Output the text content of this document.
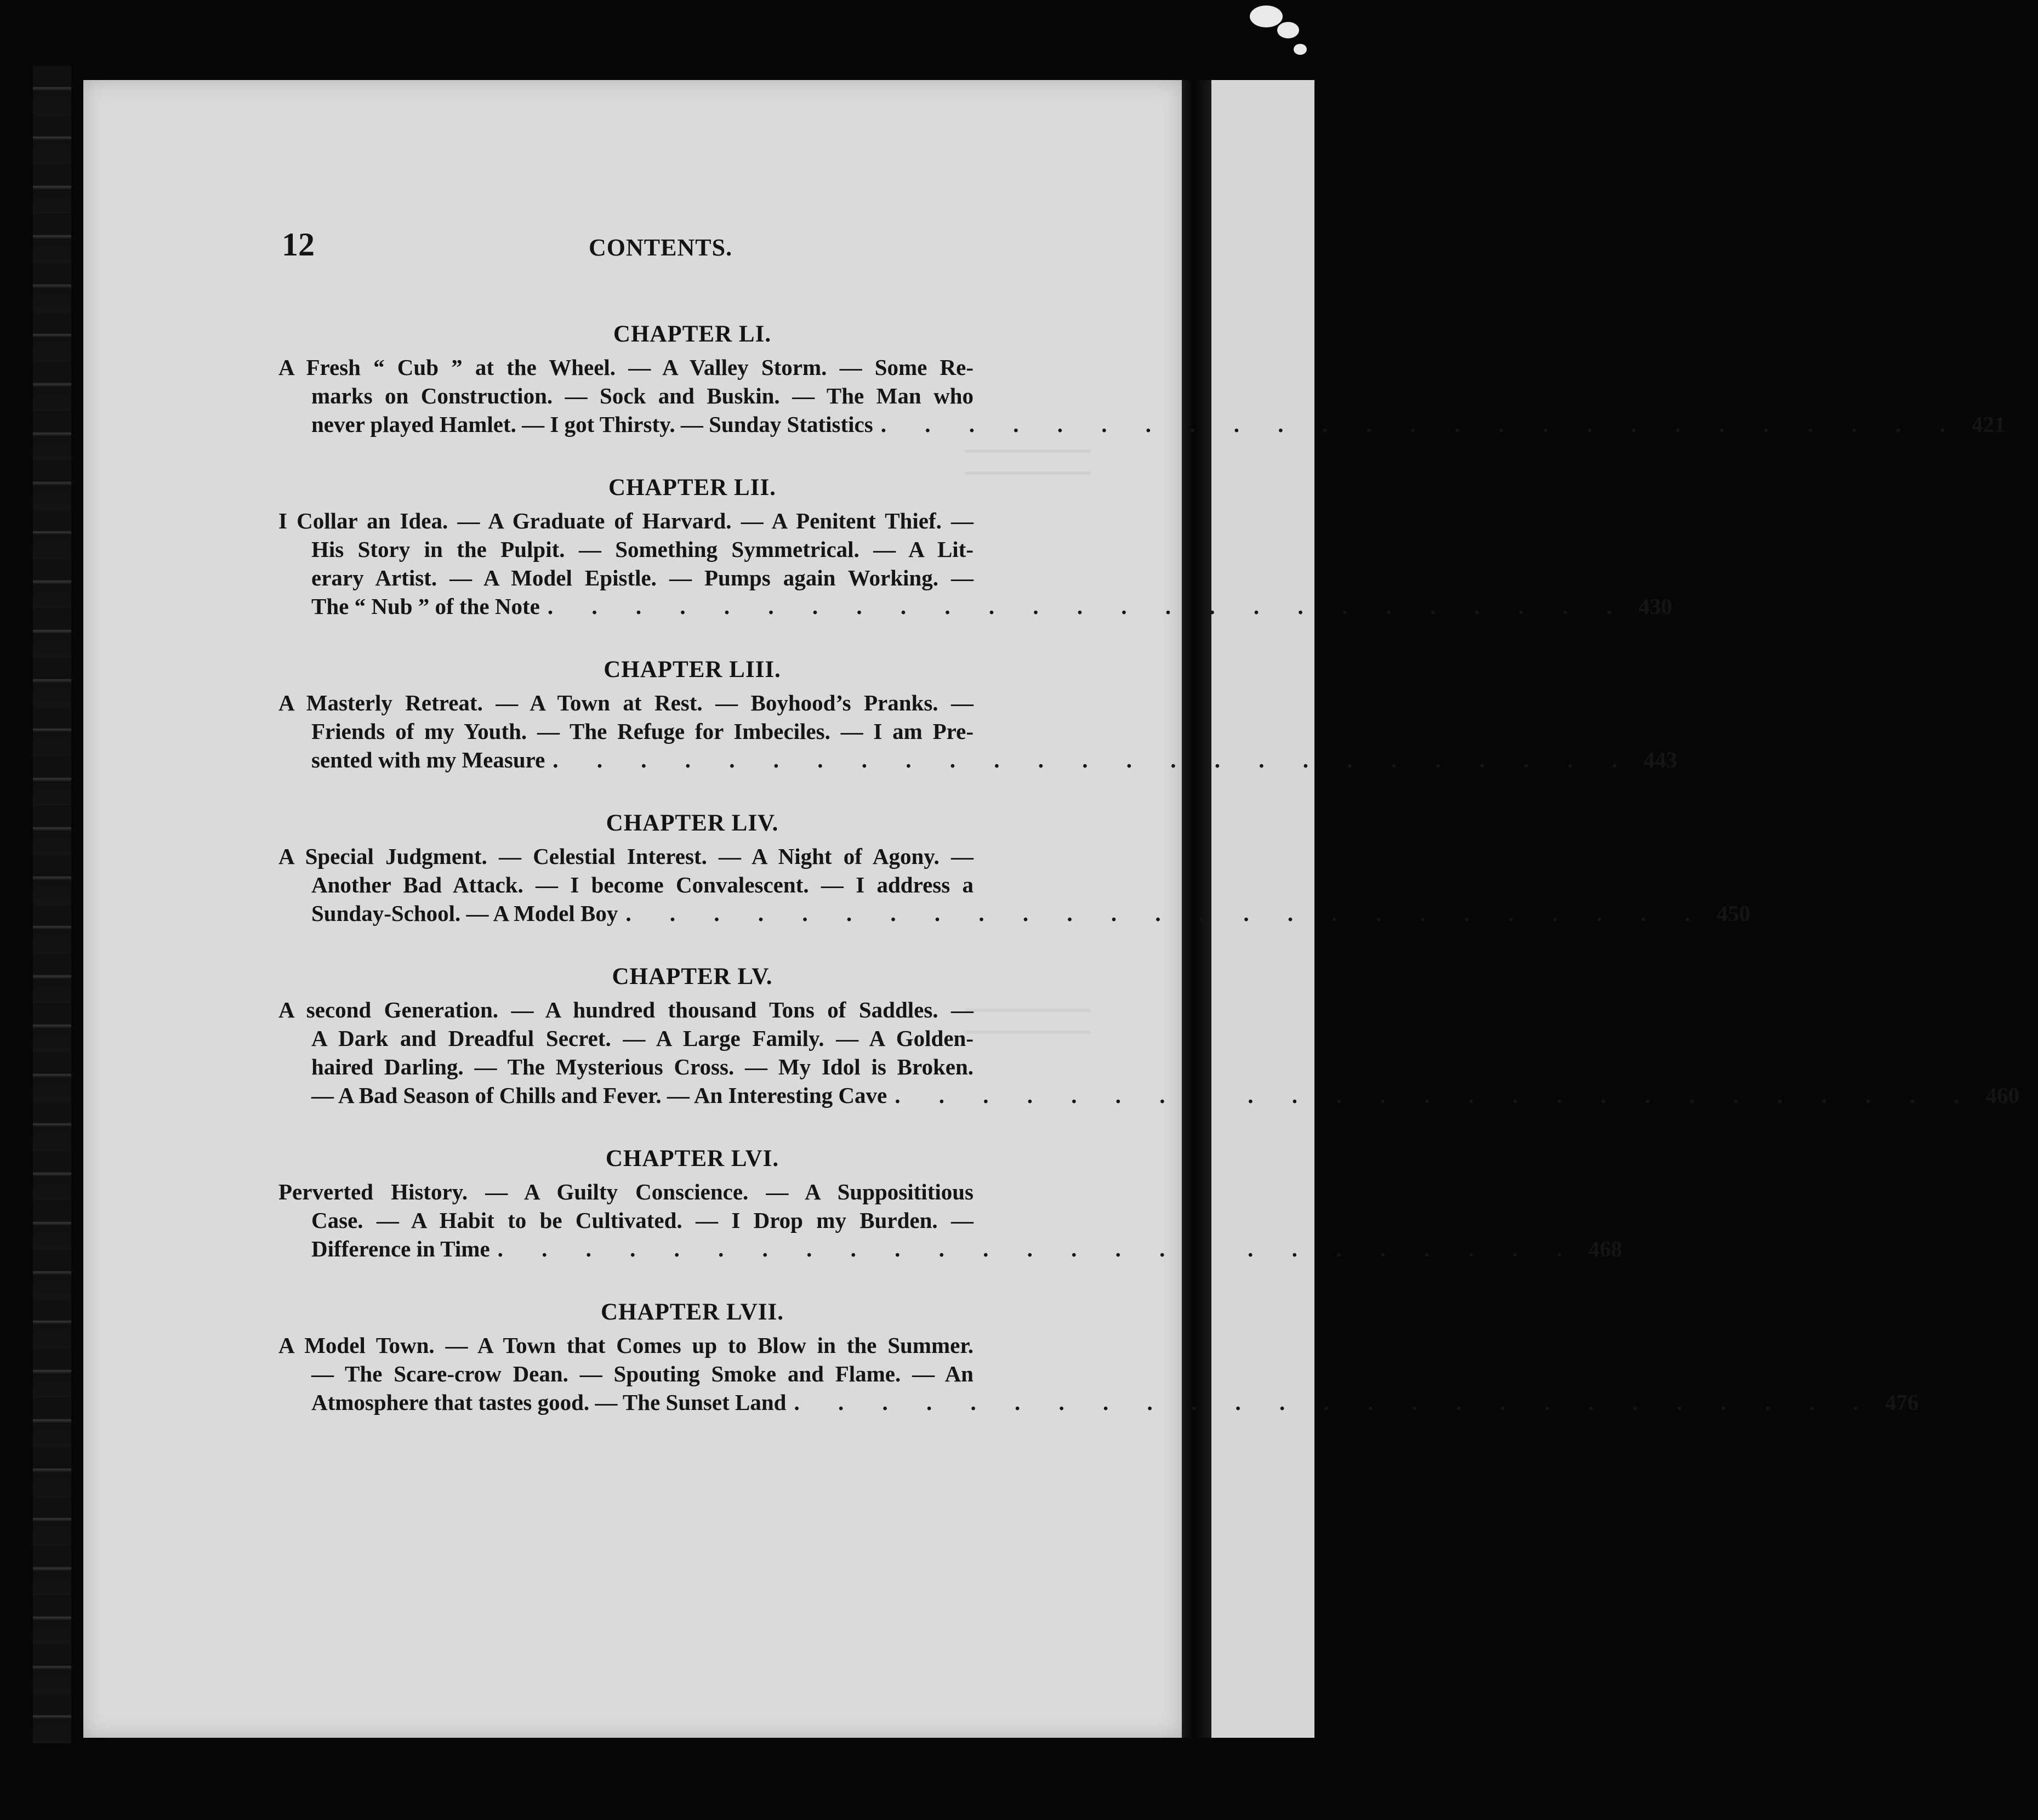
12	CONTENTS.
CHAPTER LI.
A Fresh “ Cub ” at the Wheel. — A Valley Storm. — Some Re-
marks on Construction. — Sock and Buskin. — The Man who
never played Hamlet. — I got Thirsty. — Sunday Statistics . . . . . . . . . . . . . . . . . . . . . . . . . 421
CHAPTER LII.
I Collar an Idea. — A Graduate of Harvard. — A Penitent Thief. —
His Story in the Pulpit. — Something Symmetrical. — A Lit-
erary Artist. — A Model Epistle. — Pumps again Working. —
The “ Nub ” of the Note . . . . . . . . . . . . . . . . . . . . . . . . . 430
CHAPTER LIII.
A Masterly Retreat. — A Town at Rest. — Boyhood’s Pranks. —
Friends of my Youth. — The Refuge for Imbeciles. — I am Pre-
sented with my Measure . . . . . . . . . . . . . . . . . . . . . . . . . 443
CHAPTER LIV.
A Special Judgment. — Celestial Interest. — A Night of Agony. —
Another Bad Attack. — I become Convalescent. — I address a
Sunday-School. — A Model Boy . . . . . . . . . . . . . . . . . . . . . . . . . 450
CHAPTER LV.
A second Generation. — A hundred thousand Tons of Saddles. —
A Dark and Dreadful Secret. — A Large Family. — A Golden-
haired Darling. — The Mysterious Cross. — My Idol is Broken.
— A Bad Season of Chills and Fever. — An Interesting Cave . . . . . . . . . . . . . . . . . . . . . . . . . 460
CHAPTER LVI.
Perverted History. — A Guilty Conscience. — A Supposititious
Case. — A Habit to be Cultivated. — I Drop my Burden. —
Difference in Time . . . . . . . . . . . . . . . . . . . . . . . . . 468
CHAPTER LVII.
A Model Town. — A Town that Comes up to Blow in the Summer.
— The Scare-crow Dean. — Spouting Smoke and Flame. — An
Atmosphere that tastes good. — The Sunset Land . . . . . . . . . . . . . . . . . . . . . . . . . 476
